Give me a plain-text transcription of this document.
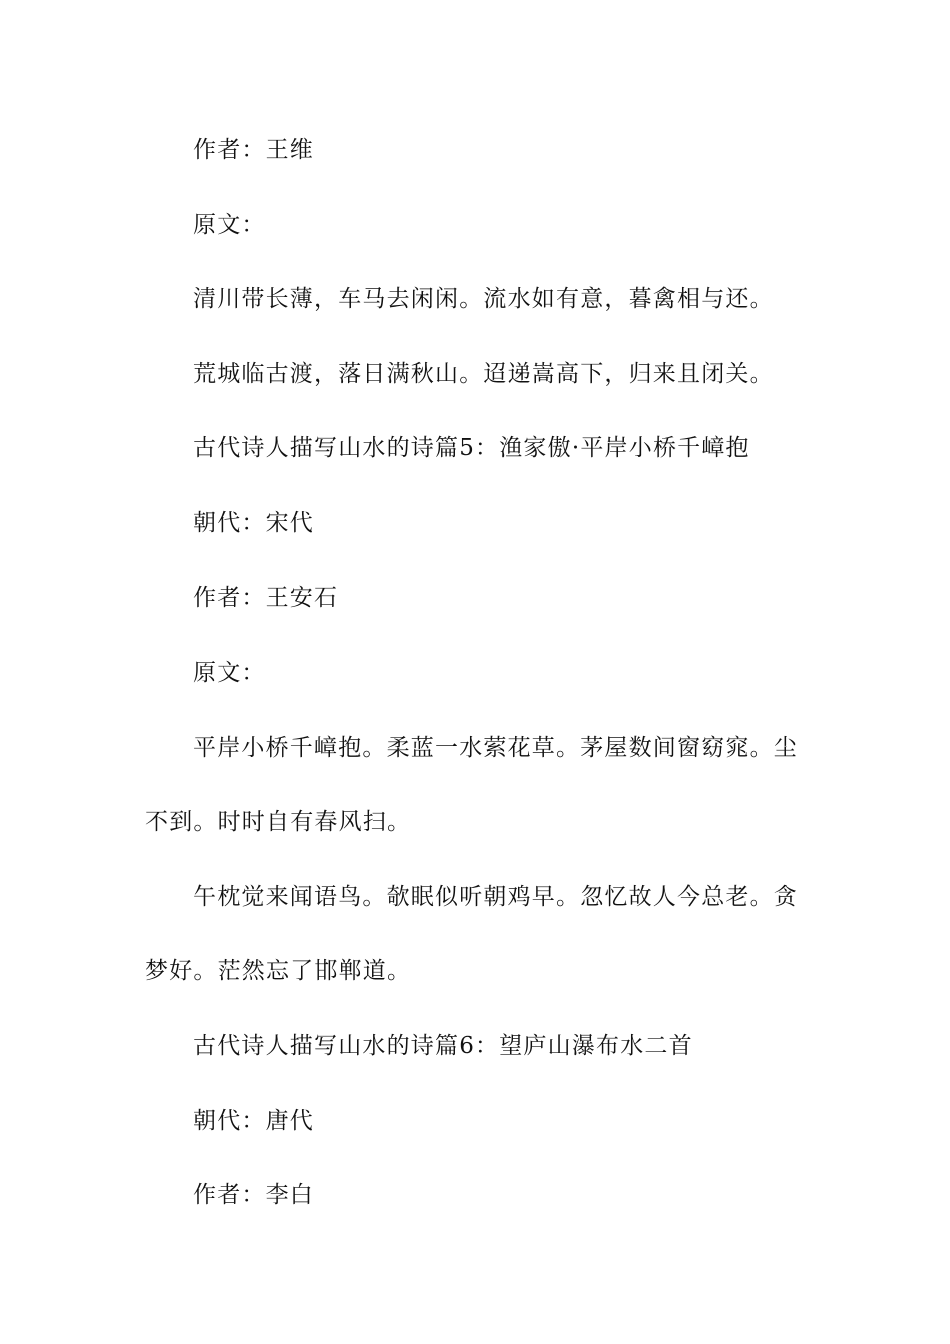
作者：王维
原文：
清川带长薄，车马去闲闲。流水如有意，暮禽相与还。
荒城临古渡，落日满秋山。迢递嵩高下，归来且闭关。
古代诗人描写山水的诗篇5：渔家傲·平岸小桥千嶂抱
朝代：宋代
作者：王安石
原文：
平岸小桥千嶂抱。柔蓝一水萦花草。茅屋数间窗窈窕。尘
不到。时时自有春风扫。
午枕觉来闻语鸟。欹眠似听朝鸡早。忽忆故人今总老。贪
梦好。茫然忘了邯郸道。
古代诗人描写山水的诗篇6：望庐山瀑布水二首
朝代：唐代
作者：李白
